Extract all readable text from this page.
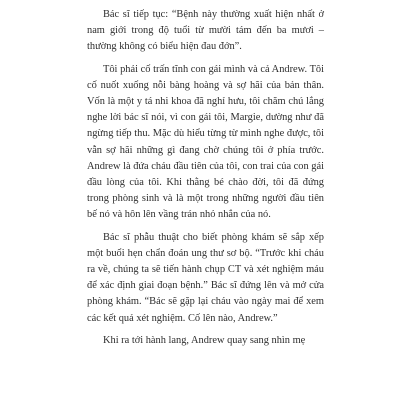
Bác sĩ tiếp tục: “Bệnh này thường xuất hiện nhất ở nam giới trong độ tuổi từ mười tám đến ba mươi – thường không có biểu hiện đau đớn”.

Tôi phải cố trấn tĩnh con gái mình và cả Andrew. Tôi cố nuốt xuống nỗi bàng hoàng và sợ hãi của bản thân. Vốn là một y tá nhi khoa đã nghỉ hưu, tôi chăm chú lắng nghe lời bác sĩ nói, vì con gái tôi, Margie, dường như đã ngừng tiếp thu. Mặc dù hiểu từng từ mình nghe được, tôi vẫn sợ hãi những gì đang chờ chúng tôi ở phía trước. Andrew là đứa cháu đầu tiên của tôi, con trai của con gái đầu lòng của tôi. Khi thằng bé chào đời, tôi đã đứng trong phòng sinh và là một trong những người đầu tiên bế nó và hôn lên vầng trán nhỏ nhắn của nó.

Bác sĩ phẫu thuật cho biết phòng khám sẽ sắp xếp một buổi hẹn chẩn đoán ung thư sơ bộ. “Trước khi cháu ra về, chúng ta sẽ tiến hành chụp CT và xét nghiệm máu để xác định giai đoạn bệnh.” Bác sĩ đứng lên và mở cửa phòng khám. “Bác sẽ gặp lại cháu vào ngày mai để xem các kết quả xét nghiệm. Cố lên nào, Andrew.”

Khi ra tới hành lang, Andrew quay sang nhìn mẹ
